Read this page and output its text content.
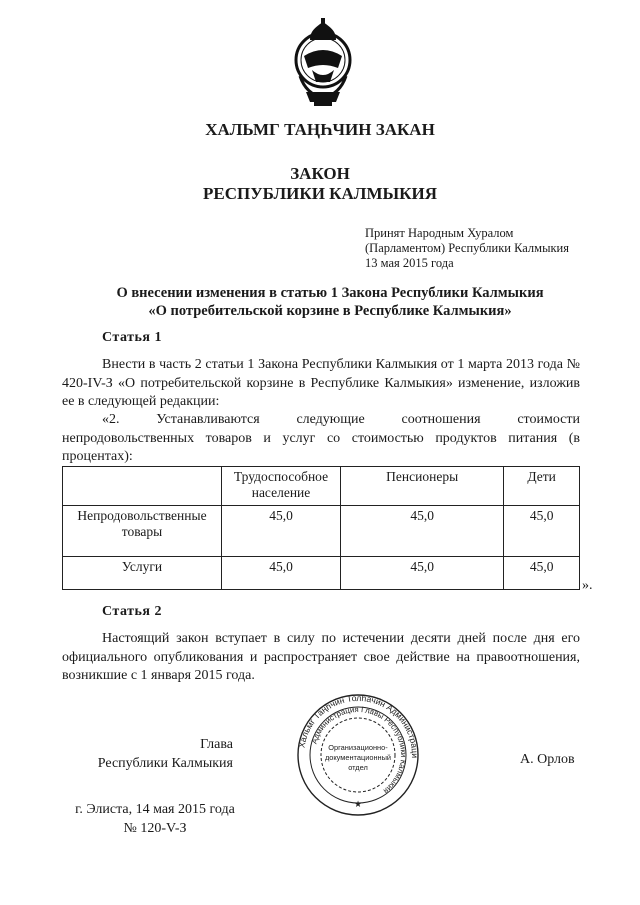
ХАЛЬМГ ТАҢҺЧИН ЗАКАН
ЗАКОН
РЕСПУБЛИКИ КАЛМЫКИЯ
Принят Народным Хуралом
(Парламентом) Республики Калмыкия
13 мая 2015 года
О внесении изменения в статью 1 Закона Республики Калмыкия
«О потребительской корзине в Республике Калмыкия»
Статья 1
Внести в часть 2 статьи 1 Закона Республики Калмыкия от 1 марта 2013 года № 420-IV-З «О потребительской корзине в Республике Калмыкия» изменение, изложив ее в следующей редакции:
«2. Устанавливаются следующие соотношения стоимости непродовольственных товаров и услуг со стоимостью продуктов питания (в процентах):
	Трудоспособное население	Пенсионеры	Дети
Непродовольственные товары	45,0	45,0	45,0
Услуги	45,0	45,0	45,0
».
Статья 2
Настоящий закон вступает в силу по истечении десяти дней после дня его официального опубликования и распространяет свое действие на правоотношения, возникшие с 1 января 2015 года.
Глава
Республики Калмыкия
Хальмг Таңһчин Толһачин Администраци
Администрация Главы Республики Калмыкия
Организационно-
документационный
отдел
★
А. Орлов
г. Элиста, 14 мая 2015 года
№ 120-V-З
